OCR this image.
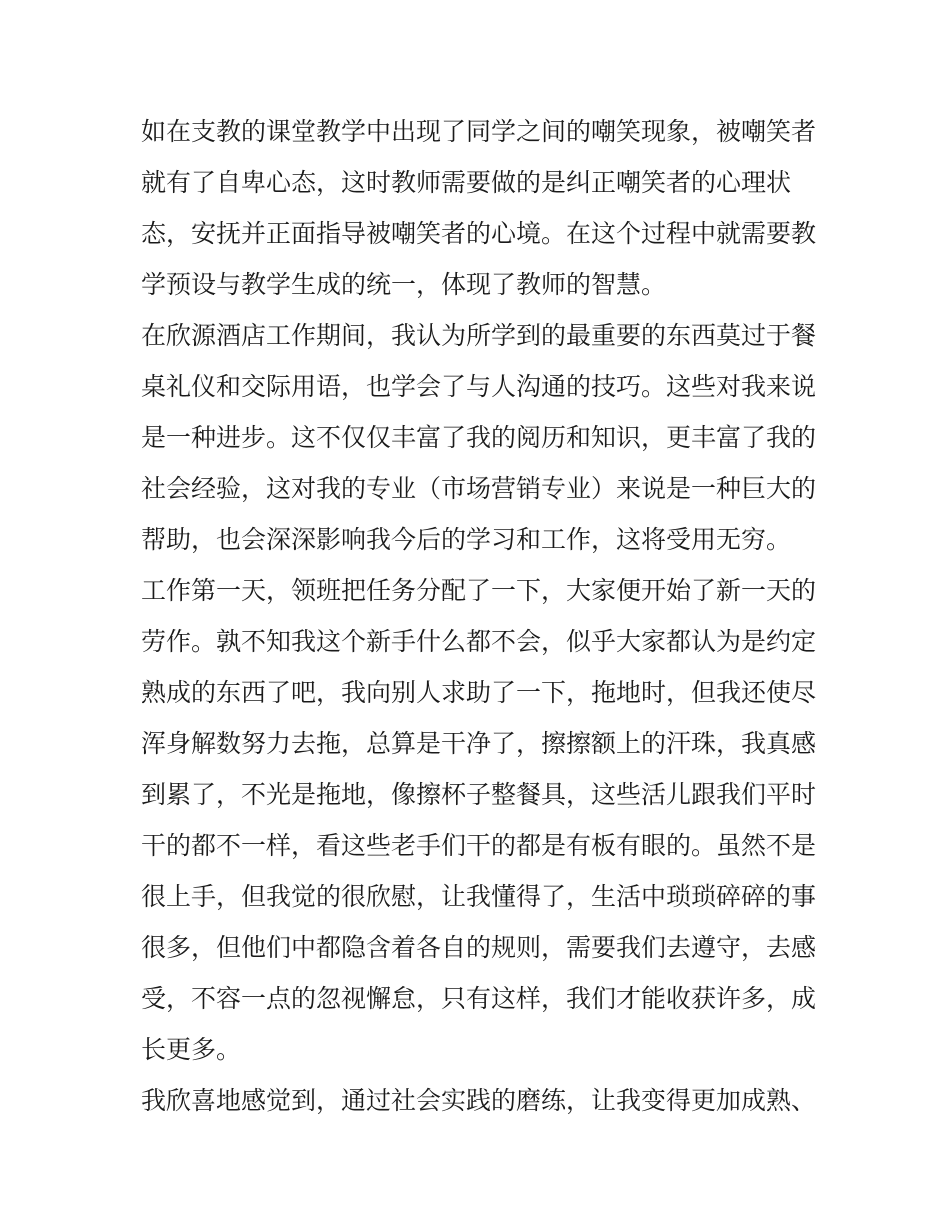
如在支教的课堂教学中出现了同学之间的嘲笑现象，被嘲笑者
就有了自卑心态，这时教师需要做的是纠正嘲笑者的心理状
态，安抚并正面指导被嘲笑者的心境。在这个过程中就需要教
学预设与教学生成的统一，体现了教师的智慧。
在欣源酒店工作期间，我认为所学到的最重要的东西莫过于餐
桌礼仪和交际用语，也学会了与人沟通的技巧。这些对我来说
是一种进步。这不仅仅丰富了我的阅历和知识，更丰富了我的
社会经验，这对我的专业（市场营销专业）来说是一种巨大的
帮助，也会深深影响我今后的学习和工作，这将受用无穷。
工作第一天，领班把任务分配了一下，大家便开始了新一天的
劳作。孰不知我这个新手什么都不会，似乎大家都认为是约定
熟成的东西了吧，我向别人求助了一下，拖地时，但我还使尽
浑身解数努力去拖，总算是干净了，擦擦额上的汗珠，我真感
到累了，不光是拖地，像擦杯子整餐具，这些活儿跟我们平时
干的都不一样，看这些老手们干的都是有板有眼的。虽然不是
很上手，但我觉的很欣慰，让我懂得了，生活中琐琐碎碎的事
很多，但他们中都隐含着各自的规则，需要我们去遵守，去感
受，不容一点的忽视懈怠，只有这样，我们才能收获许多，成
长更多。
我欣喜地感觉到，通过社会实践的磨练，让我变得更加成熟、
